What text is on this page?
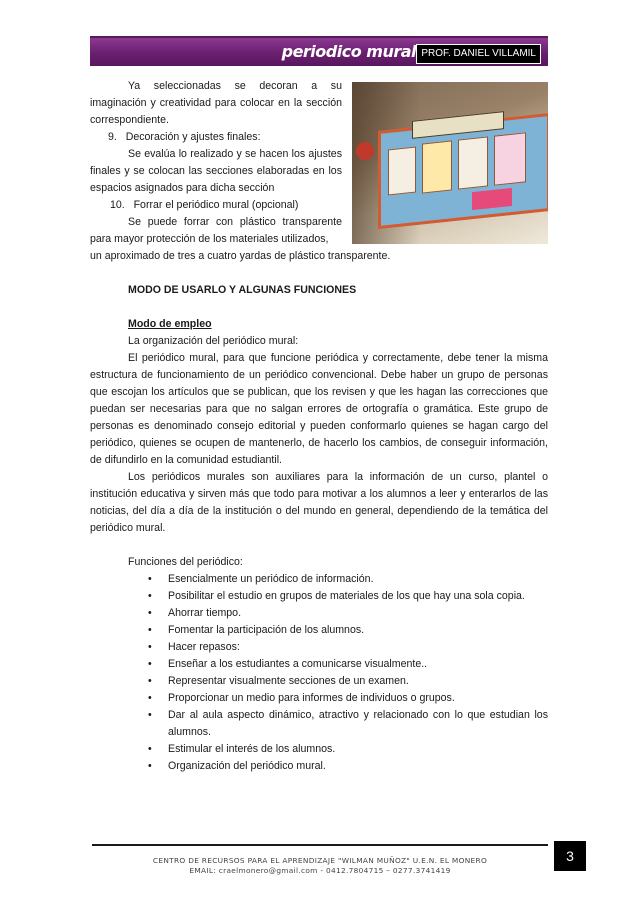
periodico mural PROF. DANIEL VILLAMIL

Ya seleccionadas se decoran a su imaginación y creatividad para colocar en la sección correspondiente.

9. Decoración y ajustes finales:

Se evalúa lo realizado y se hacen los ajustes finales y se colocan las secciones elaboradas en los espacios asignados para dicha sección

10. Forrar el periódico mural (opcional)

Se puede forrar con plástico transparente para mayor protección de los materiales utilizados,

un aproximado de tres a cuatro yardas de plástico transparente.

MODO DE USARLO Y ALGUNAS FUNCIONES

Modo de empleo

La organización del periódico mural:

El periódico mural, para que funcione periódica y correctamente, debe tener la misma estructura de funcionamiento de un periódico convencional. Debe haber un grupo de personas que escojan los artículos que se publican, que los revisen y que les hagan las correcciones que puedan ser necesarias para que no salgan errores de ortografía o gramática. Este grupo de personas es denominado consejo editorial y pueden conformarlo quienes se hagan cargo del periódico, quienes se ocupen de mantenerlo, de hacerlo los cambios, de conseguir información, de difundirlo en la comunidad estudiantil.

Los periódicos murales son auxiliares para la información de un curso, plantel o institución educativa y sirven más que todo para motivar a los alumnos a leer y enterarlos de las noticias, del día a día de la institución o del mundo en general, dependiendo de la temática del periódico mural.

Funciones del periódico:

• Esencialmente un periódico de información.
• Posibilitar el estudio en grupos de materiales de los que hay una sola copia.
• Ahorrar tiempo.
• Fomentar la participación de los alumnos.
• Hacer repasos:
• Enseñar a los estudiantes a comunicarse visualmente..
• Representar visualmente secciones de un examen.
• Proporcionar un medio para informes de individuos o grupos.
• Dar al aula aspecto dinámico, atractivo y relacionado con lo que estudian los alumnos.
• Estimular el interés de los alumnos.
• Organización del periódico mural.
CENTRO DE RECURSOS PARA EL APRENDIZAJE "WILMAN MUÑOZ" U.E.N. EL MONERO
EMAIL: craelmonero@gmail.com - 0412.7804715 – 0277.3741419
3
